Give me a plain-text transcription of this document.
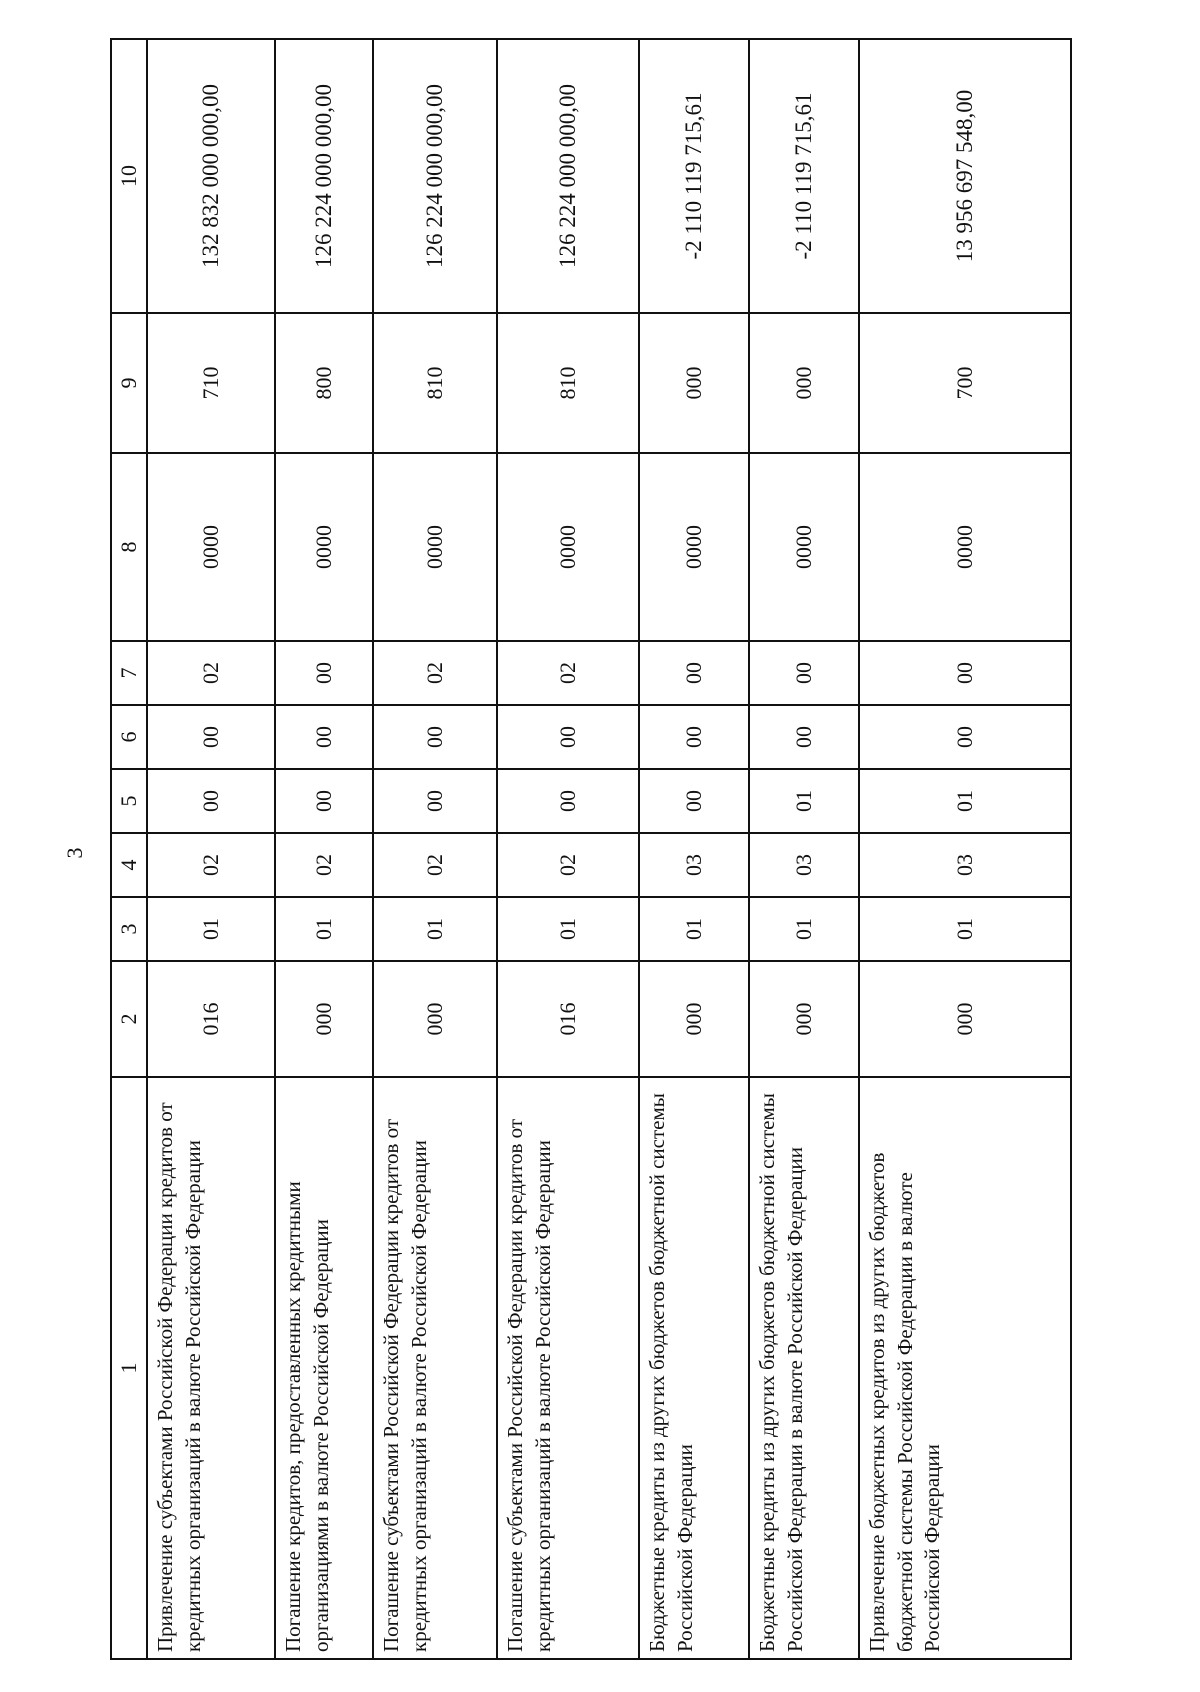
3
1	2	3	4	5	6	7	8	9	10
Привлечение субъектами Российской Федерации кредитов от кредитных организаций в валюте Российской Федерации	016	01	02	00	00	02	0000	710	132 832 000 000,00
Погашение кредитов, предоставленных кредитными организациями в валюте Российской Федерации	000	01	02	00	00	00	0000	800	126 224 000 000,00
Погашение субъектами Российской Федерации кредитов от кредитных организаций в валюте Российской Федерации	000	01	02	00	00	02	0000	810	126 224 000 000,00
Погашение субъектами Российской Федерации кредитов от кредитных организаций в валюте Российской Федерации	016	01	02	00	00	02	0000	810	126 224 000 000,00
Бюджетные кредиты из других бюджетов бюджетной системы Российской Федерации	000	01	03	00	00	00	0000	000	-2 110 119 715,61
Бюджетные кредиты из других бюджетов бюджетной системы Российской Федерации в валюте Российской Федерации	000	01	03	01	00	00	0000	000	-2 110 119 715,61
Привлечение бюджетных кредитов из других бюджетов бюджетной системы Российской Федерации в валюте Российской Федерации	000	01	03	01	00	00	0000	700	13 956 697 548,00
